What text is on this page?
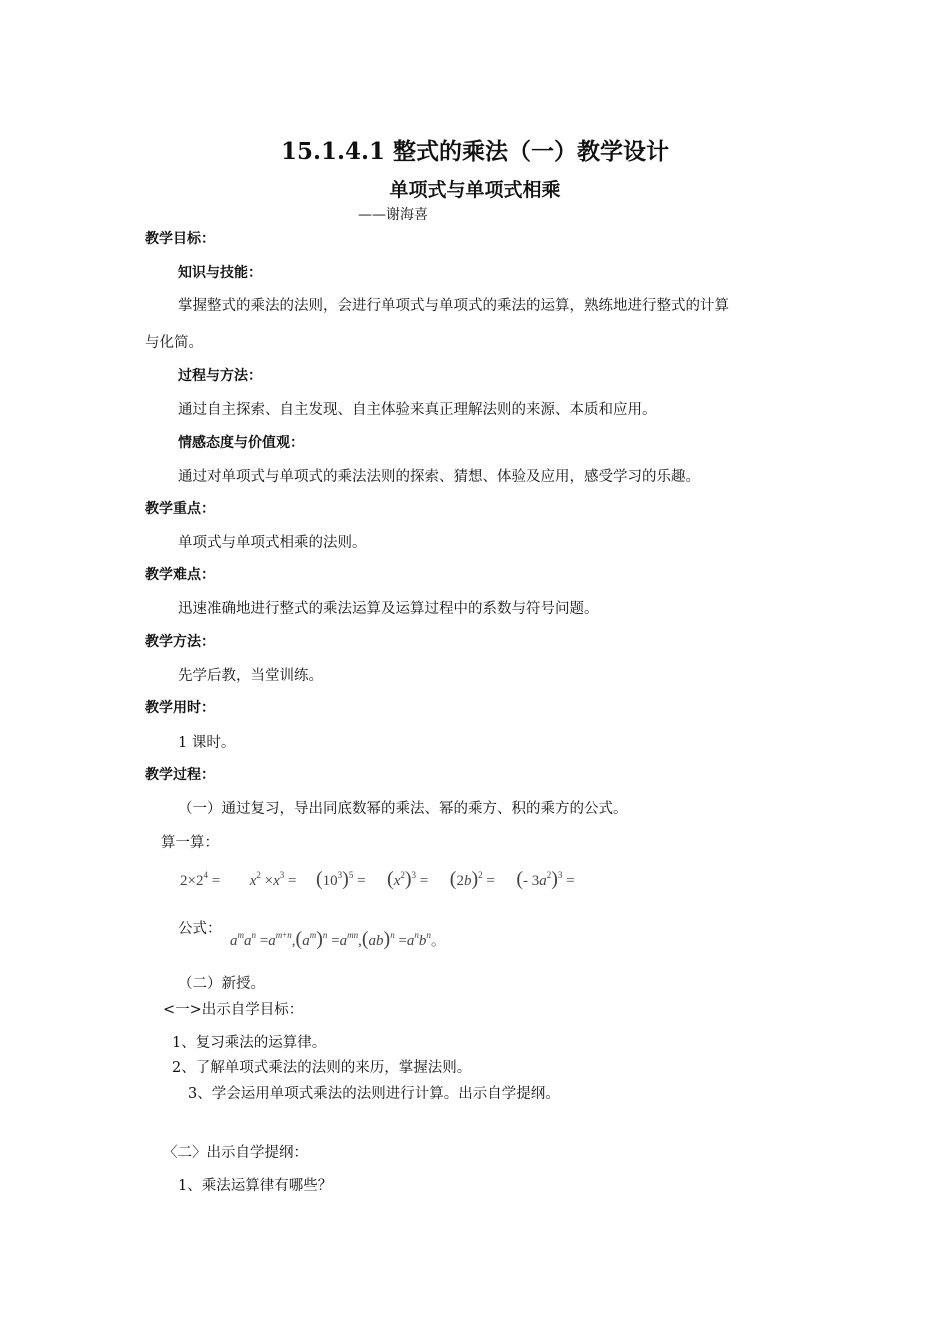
15.1.4.1 整式的乘法（一）教学设计
单项式与单项式相乘
——谢海喜
教学目标：
知识与技能：
掌握整式的乘法的法则，会进行单项式与单项式的乘法的运算，熟练地进行整式的计算
与化简。
过程与方法：
通过自主探索、自主发现、自主体验来真正理解法则的来源、本质和应用。
情感态度与价值观：
通过对单项式与单项式的乘法法则的探索、猜想、体验及应用，感受学习的乐趣。
教学重点：
单项式与单项式相乘的法则。
教学难点：
迅速准确地进行整式的乘法运算及运算过程中的系数与符号问题。
教学方法：
先学后教，当堂训练。
教学用时：
1 课时。
教学过程：
（一）通过复习，导出同底数幂的乘法、幂的乘方、积的乘方的公式。
算一算：
$2\times 2^4 = x^2 \times x^3 = (10^3)^5 = (x^2)^3 = (2b)^2$ = (- $3a^2)^3$ =
公式：
$a^ma^n =a^{m+n},(a^m)^n =a^{mn},(ab)^n =a^nb^n$。
（二）新授。
<一>出示自学目标：
1、复习乘法的运算律。
2、了解单项式乘法的法则的来历，掌握法则。
3、学会运用单项式乘法的法则进行计算。出示自学提纲。
〈二〉出示自学提纲：
1、乘法运算律有哪些？
